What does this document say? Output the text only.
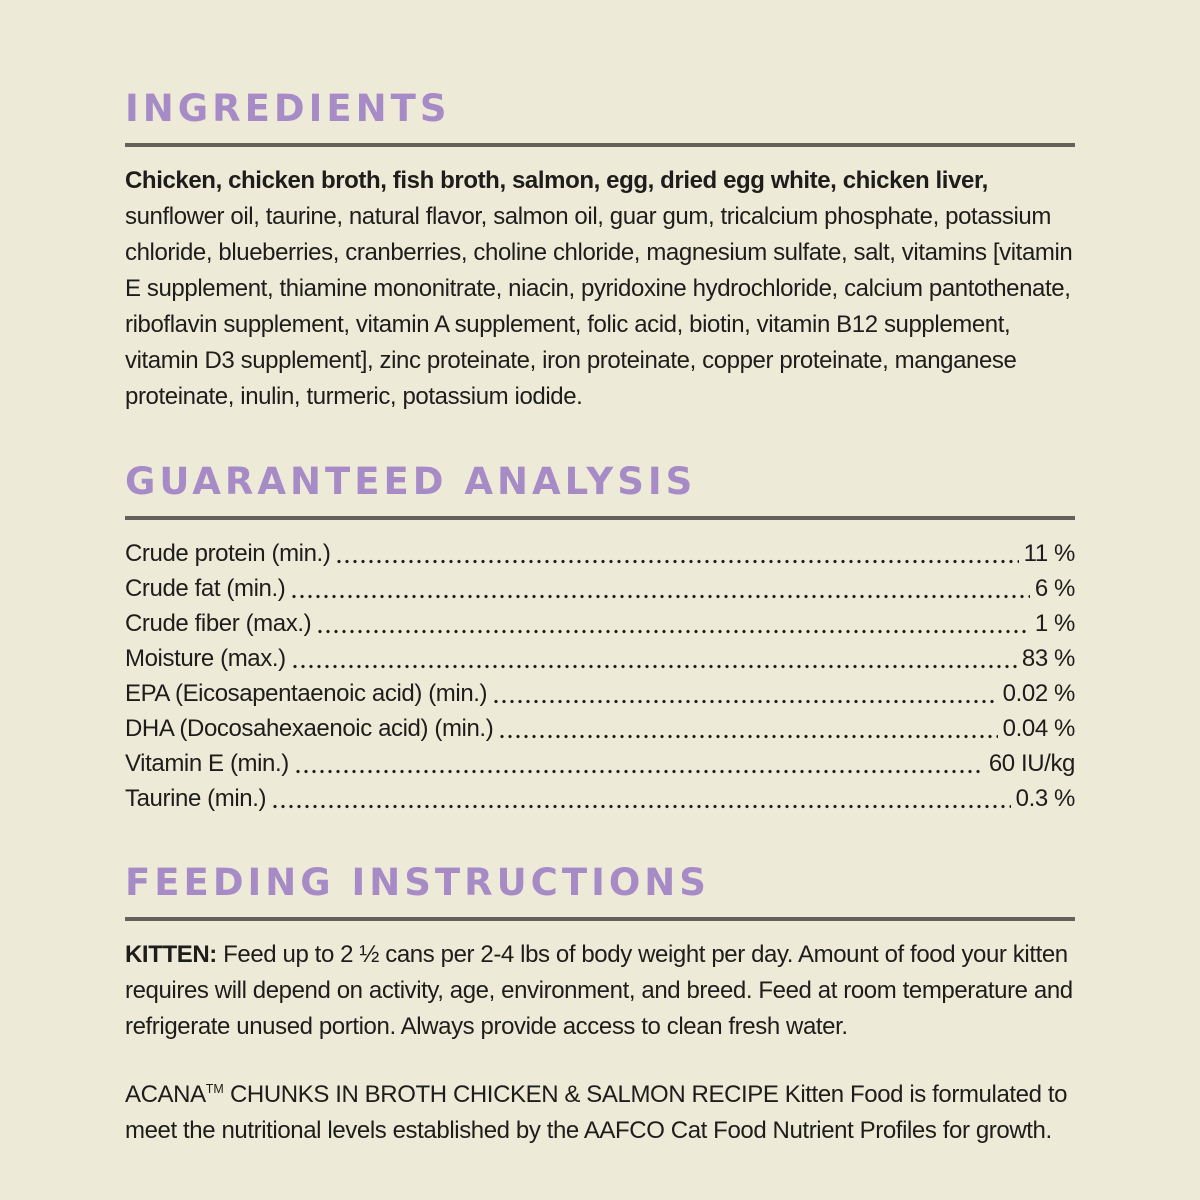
INGREDIENTS

Chicken, chicken broth, fish broth, salmon, egg, dried egg white, chicken liver, sunflower oil, taurine, natural flavor, salmon oil, guar gum, tricalcium phosphate, potassium chloride, blueberries, cranberries, choline chloride, magnesium sulfate, salt, vitamins [vitamin E supplement, thiamine mononitrate, niacin, pyridoxine hydrochloride, calcium pantothenate, riboflavin supplement, vitamin A supplement, folic acid, biotin, vitamin B12 supplement, vitamin D3 supplement], zinc proteinate, iron proteinate, copper proteinate, manganese proteinate, inulin, turmeric, potassium iodide.

GUARANTEED ANALYSIS
Crude protein (min.)	11 %
Crude fat (min.)	6 %
Crude fiber (max.)	1 %
Moisture (max.)	83 %
EPA (Eicosapentaenoic acid) (min.)	0.02 %
DHA (Docosahexaenoic acid) (min.)	0.04 %
Vitamin E (min.)	60 IU/kg
Taurine (min.)	0.3 %
FEEDING INSTRUCTIONS

KITTEN: Feed up to 2 ½ cans per 2-4 lbs of body weight per day. Amount of food your kitten requires will depend on activity, age, environment, and breed. Feed at room temperature and refrigerate unused portion. Always provide access to clean fresh water.

ACANA™ CHUNKS IN BROTH CHICKEN & SALMON RECIPE Kitten Food is formulated to meet the nutritional levels established by the AAFCO Cat Food Nutrient Profiles for growth.
